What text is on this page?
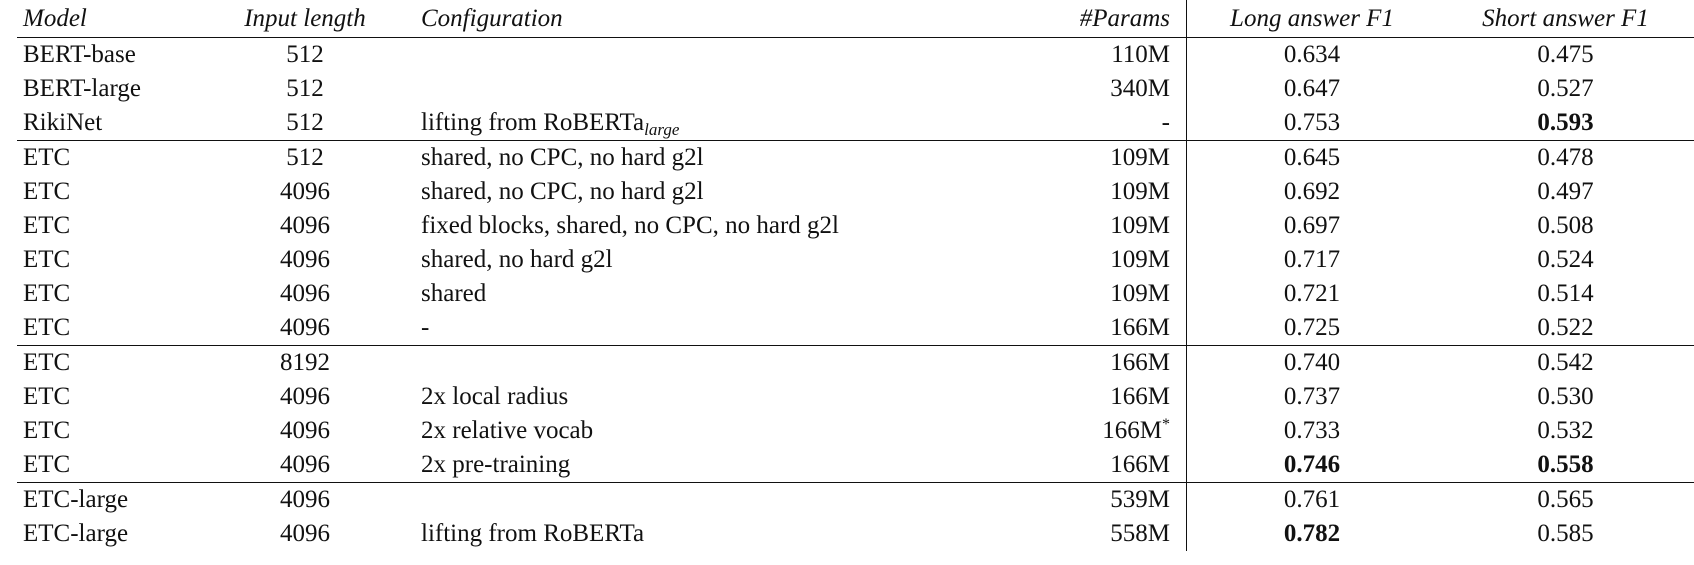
Model	Input length	Configuration	#Params	Long answer F1	Short answer F1
BERT-base	512		110M	0.634	0.475
BERT-large	512		340M	0.647	0.527
RikiNet	512	lifting from RoBERTa$_{large}$	-	0.753	0.593
ETC	512	shared, no CPC, no hard g2l	109M	0.645	0.478
ETC	4096	shared, no CPC, no hard g2l	109M	0.692	0.497
ETC	4096	fixed blocks, shared, no CPC, no hard g2l	109M	0.697	0.508
ETC	4096	shared, no hard g2l	109M	0.717	0.524
ETC	4096	shared	109M	0.721	0.514
ETC	4096	-	166M	0.725	0.522
ETC	8192		166M	0.740	0.542
ETC	4096	2x local radius	166M	0.737	0.530
ETC	4096	2x relative vocab	166M*	0.733	0.532
ETC	4096	2x pre-training	166M	0.746	0.558
ETC-large	4096		539M	0.761	0.565
ETC-large	4096	lifting from RoBERTa	558M	0.782	0.585
